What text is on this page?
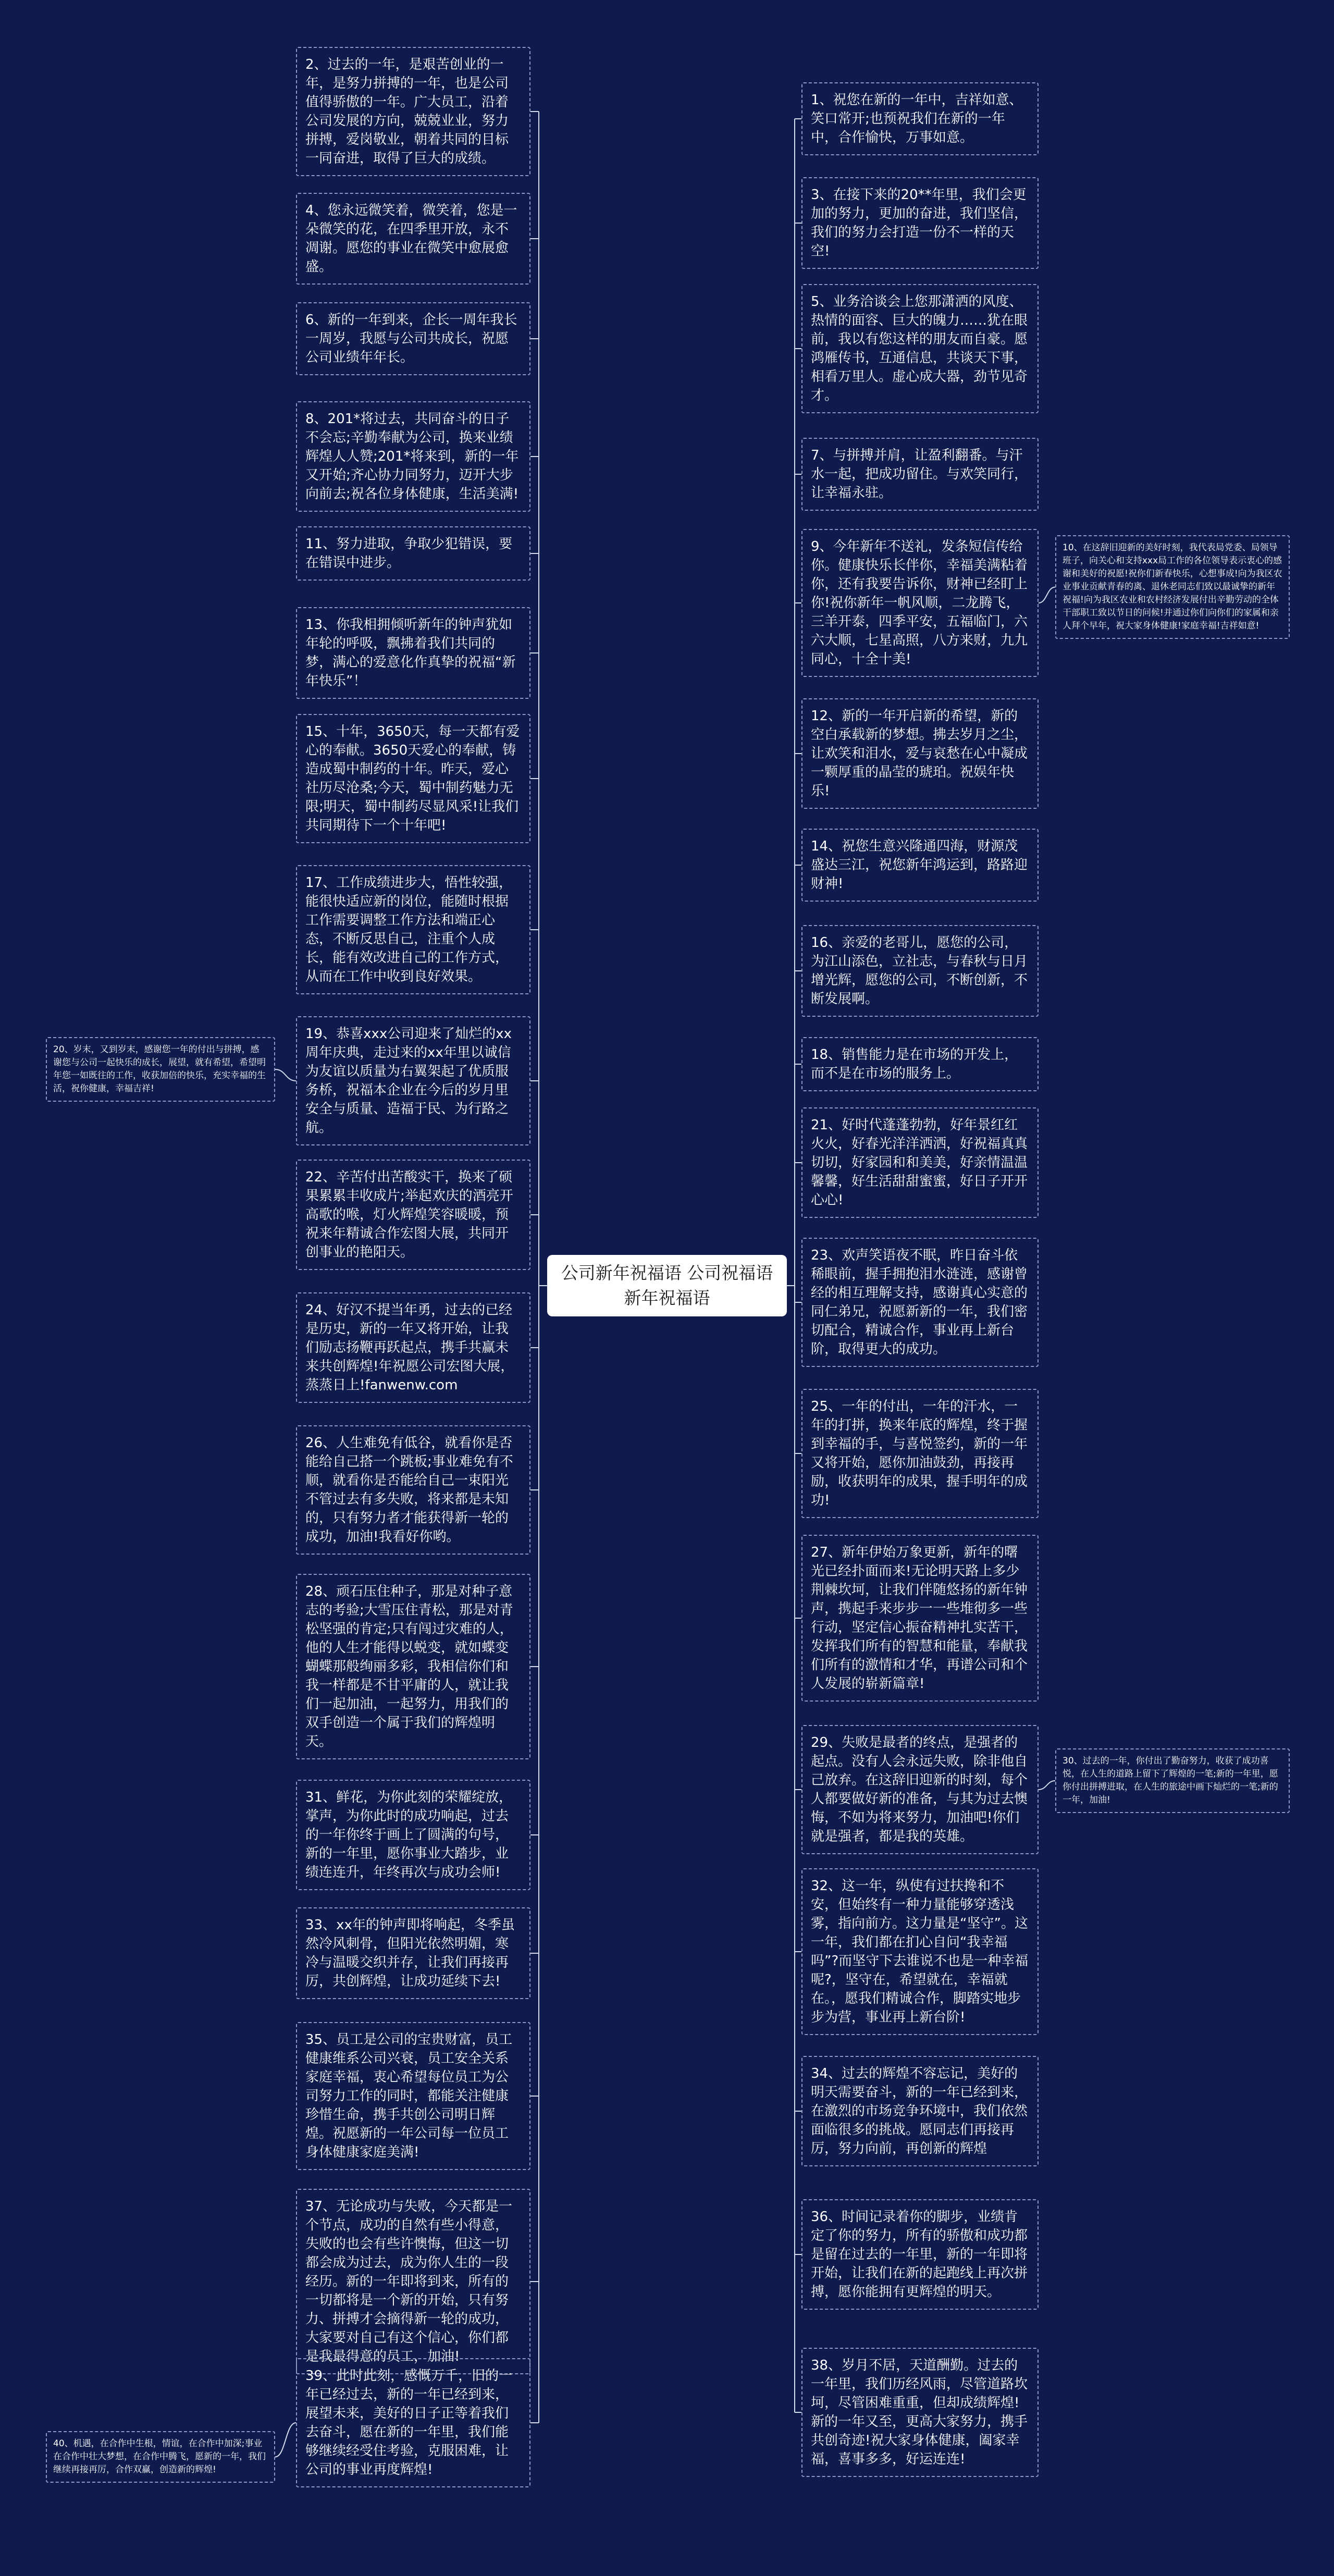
公司新年祝福语 公司祝福语 新年祝福语
2、过去的一年，是艰苦创业的一年，是努力拼搏的一年，也是公司值得骄傲的一年。广大员工，沿着公司发展的方向，兢兢业业，努力拼搏，爱岗敬业，朝着共同的目标一同奋进，取得了巨大的成绩。
4、您永远微笑着，微笑着，您是一朵微笑的花，在四季里开放，永不凋谢。愿您的事业在微笑中愈展愈盛。
6、新的一年到来，企长一周年我长一周岁，我愿与公司共成长，祝愿公司业绩年年长。
8、201*将过去，共同奋斗的日子不会忘;辛勤奉献为公司，换来业绩辉煌人人赞;201*将来到，新的一年又开始;齐心协力同努力，迈开大步向前去;祝各位身体健康，生活美满!
11、努力进取，争取少犯错误，要在错误中进步。
13、你我相拥倾听新年的钟声犹如年轮的呼吸，飘拂着我们共同的梦，满心的爱意化作真挚的祝福“新年快乐”！
15、十年，3650天，每一天都有爱心的奉献。3650天爱心的奉献，铸造成蜀中制药的十年。昨天，爱心社历尽沧桑;今天，蜀中制药魅力无限;明天，蜀中制药尽显风采!让我们共同期待下一个十年吧!
17、工作成绩进步大，悟性较强，能很快适应新的岗位，能随时根据工作需要调整工作方法和端正心态，不断反思自己，注重个人成长，能有效改进自己的工作方式，从而在工作中收到良好效果。
19、恭喜xxx公司迎来了灿烂的xx周年庆典，走过来的xx年里以诚信为友谊以质量为右翼架起了优质服务桥，祝福本企业在今后的岁月里安全与质量、造福于民、为行路之航。
22、辛苦付出苦酸实干，换来了硕果累累丰收成片;举起欢庆的酒亮开高歌的喉，灯火辉煌笑容暖暖，预祝来年精诚合作宏图大展，共同开创事业的艳阳天。
24、好汉不提当年勇，过去的已经是历史，新的一年又将开始，让我们励志扬鞭再跃起点，携手共赢未来共创辉煌!年祝愿公司宏图大展，蒸蒸日上!fanwenw.com
26、人生难免有低谷，就看你是否能给自己搭一个跳板;事业难免有不顺，就看你是否能给自己一束阳光不管过去有多失败，将来都是未知的，只有努力者才能获得新一轮的成功，加油!我看好你哟。
28、顽石压住种子，那是对种子意志的考验;大雪压住青松，那是对青松坚强的肯定;只有闯过灾难的人，他的人生才能得以蜕变，就如蝶变蝴蝶那般绚丽多彩，我相信你们和我一样都是不甘平庸的人，就让我们一起加油，一起努力，用我们的双手创造一个属于我们的辉煌明天。
31、鲜花，为你此刻的荣耀绽放，掌声，为你此时的成功响起，过去的一年你终于画上了圆满的句号，新的一年里，愿你事业大踏步，业绩连连升，年终再次与成功会师!
33、xx年的钟声即将响起，冬季虽然冷风刺骨，但阳光依然明媚，寒冷与温暖交织并存，让我们再接再厉，共创辉煌，让成功延续下去!
35、员工是公司的宝贵财富，员工健康维系公司兴衰，员工安全关系家庭幸福，衷心希望每位员工为公司努力工作的同时，都能关注健康珍惜生命，携手共创公司明日辉煌。祝愿新的一年公司每一位员工身体健康家庭美满!
37、无论成功与失败，今天都是一个节点，成功的自然有些小得意，失败的也会有些许懊悔，但这一切都会成为过去，成为你人生的一段经历。新的一年即将到来，所有的一切都将是一个新的开始，只有努力、拼搏才会摘得新一轮的成功，大家要对自己有这个信心，你们都是我最得意的员工，加油!
39、此时此刻，感慨万千，旧的一年已经过去，新的一年已经到来，展望未来，美好的日子正等着我们去奋斗，愿在新的一年里，我们能够继续经受住考验，克服困难，让公司的事业再度辉煌!
1、祝您在新的一年中，吉祥如意、笑口常开;也预祝我们在新的一年中，合作愉快，万事如意。
3、在接下来的20**年里，我们会更加的努力，更加的奋进，我们坚信，我们的努力会打造一份不一样的天空!
5、业务洽谈会上您那潇洒的风度、热情的面容、巨大的魄力……犹在眼前，我以有您这样的朋友而自豪。愿鸿雁传书，互通信息，共谈天下事，相看万里人。虚心成大器，劲节见奇才。
7、与拼搏并肩，让盈利翻番。与汗水一起，把成功留住。与欢笑同行，让幸福永驻。
9、今年新年不送礼，发条短信传给你。健康快乐长伴你，幸福美满粘着你，还有我要告诉你，财神已经盯上你!祝你新年一帆风顺，二龙腾飞，三羊开泰，四季平安，五福临门，六六大顺，七星高照，八方来财，九九同心，十全十美!
12、新的一年开启新的希望，新的空白承载新的梦想。拂去岁月之尘，让欢笑和泪水，爱与哀愁在心中凝成一颗厚重的晶莹的琥珀。祝娱年快乐!
14、祝您生意兴隆通四海，财源茂盛达三江，祝您新年鸿运到，路路迎财神!
16、亲爱的老哥儿，愿您的公司，为江山添色，立社志，与春秋与日月增光辉，愿您的公司，不断创新，不断发展啊。
18、销售能力是在市场的开发上，而不是在市场的服务上。
21、好时代蓬蓬勃勃，好年景红红火火，好春光洋洋洒洒，好祝福真真切切，好家园和和美美，好亲情温温馨馨，好生活甜甜蜜蜜，好日子开开心心!
23、欢声笑语夜不眠，昨日奋斗依稀眼前，握手拥抱泪水涟涟，感谢曾经的相互理解支持，感谢真心实意的同仁弟兄，祝愿新新的一年，我们密切配合，精诚合作，事业再上新台阶，取得更大的成功。
25、一年的付出，一年的汗水，一年的打拼，换来年底的辉煌，终于握到幸福的手，与喜悦签约，新的一年又将开始，愿你加油鼓劲，再接再励，收获明年的成果，握手明年的成功!
27、新年伊始万象更新，新年的曙光已经扑面而来!无论明天路上多少荆棘坎坷，让我们伴随悠扬的新年钟声，携起手来步步一一些堆彻多一些行动，坚定信心振奋精神扎实苦干，发挥我们所有的智慧和能量，奉献我们所有的激情和才华，再谱公司和个人发展的崭新篇章!
29、失败是最者的终点，是强者的起点。没有人会永远失败，除非他自己放弃。在这辞旧迎新的时刻，每个人都要做好新的准备，与其为过去懊悔，不如为将来努力，加油吧!你们就是强者，都是我的英雄。
32、这一年，纵使有过扶搀和不安，但始终有一种力量能够穿透浅雾，指向前方。这力量是“坚守”。这一年，我们都在扪心自问“我幸福吗”?而坚守下去谁说不也是一种幸福呢?，坚守在，希望就在，幸福就在。，愿我们精诚合作，脚踏实地步步为营，事业再上新台阶!
34、过去的辉煌不容忘记，美好的明天需要奋斗，新的一年已经到来，在激烈的市场竞争环境中，我们依然面临很多的挑战。愿同志们再接再厉，努力向前，再创新的辉煌
36、时间记录着你的脚步，业绩肯定了你的努力，所有的骄傲和成功都是留在过去的一年里，新的一年即将开始，让我们在新的起跑线上再次拼搏，愿你能拥有更辉煌的明天。
38、岁月不居，天道酬勤。过去的一年里，我们历经风雨，尽管道路坎坷，尽管困难重重，但却成绩辉煌!新的一年又至，更高大家努力，携手共创奇迹!祝大家身体健康，阖家幸福，喜事多多，好运连连!
20、岁末，又到岁末，感谢您一年的付出与拼搏，感谢您与公司一起快乐的成长，展望，就有希望，希望明年您一如既往的工作，收获加倍的快乐，充实幸福的生活，祝你健康，幸福吉祥!
40、机遇，在合作中生根，情谊，在合作中加深;事业在合作中壮大梦想，在合作中腾飞，愿新的一年，我们继续再接再厉，合作双赢，创造新的辉煌!
10、在这辞旧迎新的美好时刻，我代表局党委、局领导班子，向关心和支持xxx局工作的各位领导表示衷心的感谢和美好的祝愿!祝你们新春快乐，心想事成!向为我区农业事业贡献青春的离、退休老同志们致以最诚挚的新年祝福!向为我区农业和农村经济发展付出辛勤劳动的全体干部职工致以节日的问候!并通过你们向你们的家属和亲人拜个早年，祝大家身体健康!家庭幸福!吉祥如意!
30、过去的一年，你付出了勤奋努力，收获了成功喜悦，在人生的道路上留下了辉煌的一笔;新的一年里，愿你付出拼搏进取，在人生的旅途中画下灿烂的一笔;新的一年，加油!
